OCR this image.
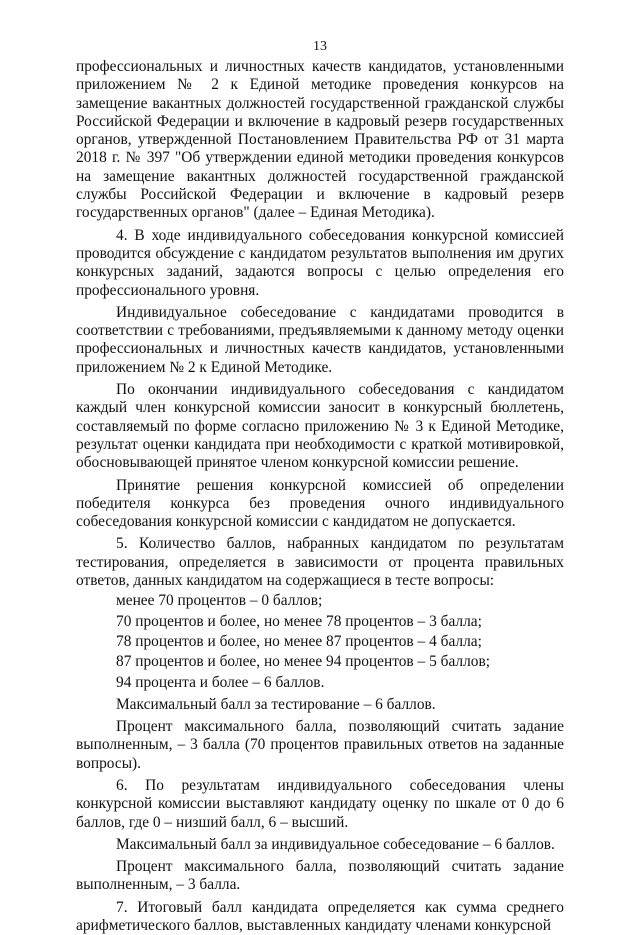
13

профессиональных и личностных качеств кандидатов, установленными приложением № 2 к Единой методике проведения конкурсов на замещение вакантных должностей государственной гражданской службы Российской Федерации и включение в кадровый резерв государственных органов, утвержденной Постановлением Правительства РФ от 31 марта 2018 г. № 397 "Об утверждении единой методики проведения конкурсов на замещение вакантных должностей государственной гражданской службы Российской Федерации и включение в кадровый резерв государственных органов" (далее – Единая Методика).

4. В ходе индивидуального собеседования конкурсной комиссией проводится обсуждение с кандидатом результатов выполнения им других конкурсных заданий, задаются вопросы с целью определения его профессионального уровня.

Индивидуальное собеседование с кандидатами проводится в соответствии с требованиями, предъявляемыми к данному методу оценки профессиональных и личностных качеств кандидатов, установленными приложением № 2 к Единой Методике.

По окончании индивидуального собеседования с кандидатом каждый член конкурсной комиссии заносит в конкурсный бюллетень, составляемый по форме согласно приложению № 3 к Единой Методике, результат оценки кандидата при необходимости с краткой мотивировкой, обосновывающей принятое членом конкурсной комиссии решение.

Принятие решения конкурсной комиссией об определении победителя конкурса без проведения очного индивидуального собеседования конкурсной комиссии с кандидатом не допускается.

5. Количество баллов, набранных кандидатом по результатам тестирования, определяется в зависимости от процента правильных ответов, данных кандидатом на содержащиеся в тесте вопросы:

менее 70 процентов – 0 баллов;

70 процентов и более, но менее 78 процентов – 3 балла;

78 процентов и более, но менее 87 процентов – 4 балла;

87 процентов и более, но менее 94 процентов – 5 баллов;

94 процента и более – 6 баллов.

Максимальный балл за тестирование – 6 баллов.

Процент максимального балла, позволяющий считать задание выполненным, – 3 балла (70 процентов правильных ответов на заданные вопросы).

6. По результатам индивидуального собеседования члены конкурсной комиссии выставляют кандидату оценку по шкале от 0 до 6 баллов, где 0 – низший балл, 6 – высший.

Максимальный балл за индивидуальное собеседование – 6 баллов.

Процент максимального балла, позволяющий считать задание выполненным, – 3 балла.

7. Итоговый балл кандидата определяется как сумма среднего арифметического баллов, выставленных кандидату членами конкурсной
